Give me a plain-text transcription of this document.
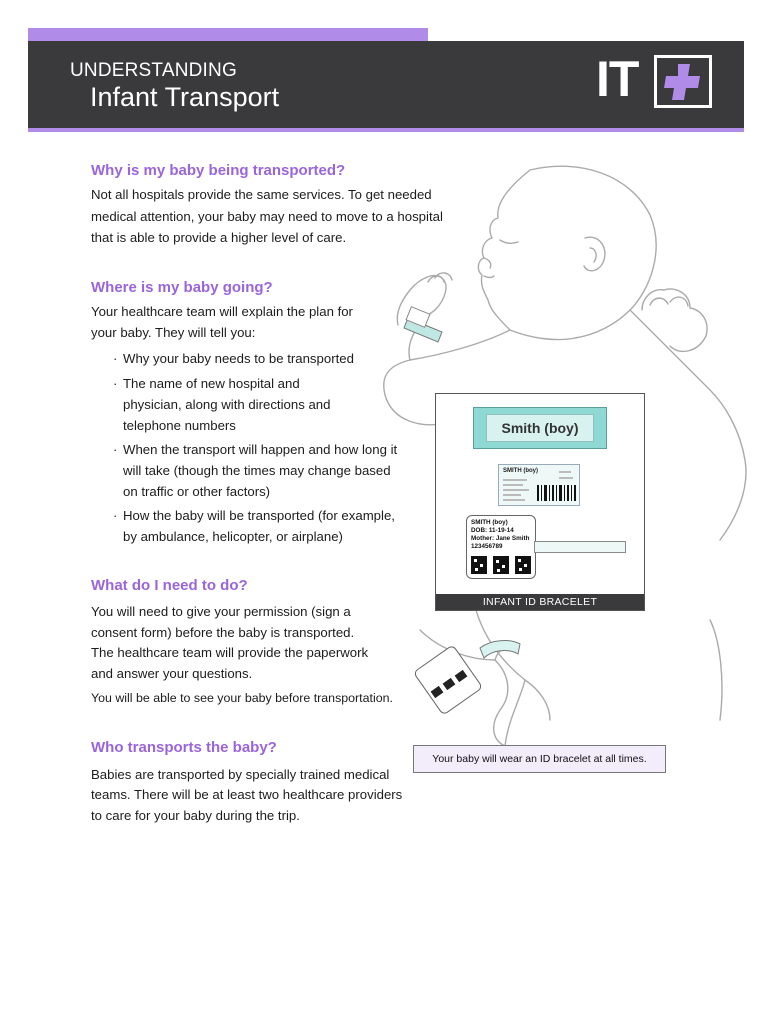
UNDERSTANDING
Infant Transport	IT
Why is my baby being transported?
Not all hospitals provide the same services. To get needed
medical attention, your baby may need to move to a hospital
that is able to provide a higher level of care.
Where is my baby going?
Your healthcare team will explain the plan for
your baby. They will tell you:
· Why your baby needs to be transported
· The name of new hospital and
physician, along with directions and
telephone numbers
· When the transport will happen and how long it
will take (though the times may change based
on traffic or other factors)
· How the baby will be transported (for example,
by ambulance, helicopter, or airplane)
What do I need to do?
You will need to give your permission (sign a
consent form) before the baby is transported.
The healthcare team will provide the paperwork
and answer your questions.
You will be able to see your baby before transportation.
Who transports the baby?
Babies are transported by specially trained medical
teams. There will be at least two healthcare providers
to care for your baby during the trip.
Smith (boy)
SMITH (boy)
SMITH (boy)
DOB: 11-19-14
Mother: Jane Smith
123456789
INFANT ID BRACELET
Your baby will wear an ID bracelet at all times.
